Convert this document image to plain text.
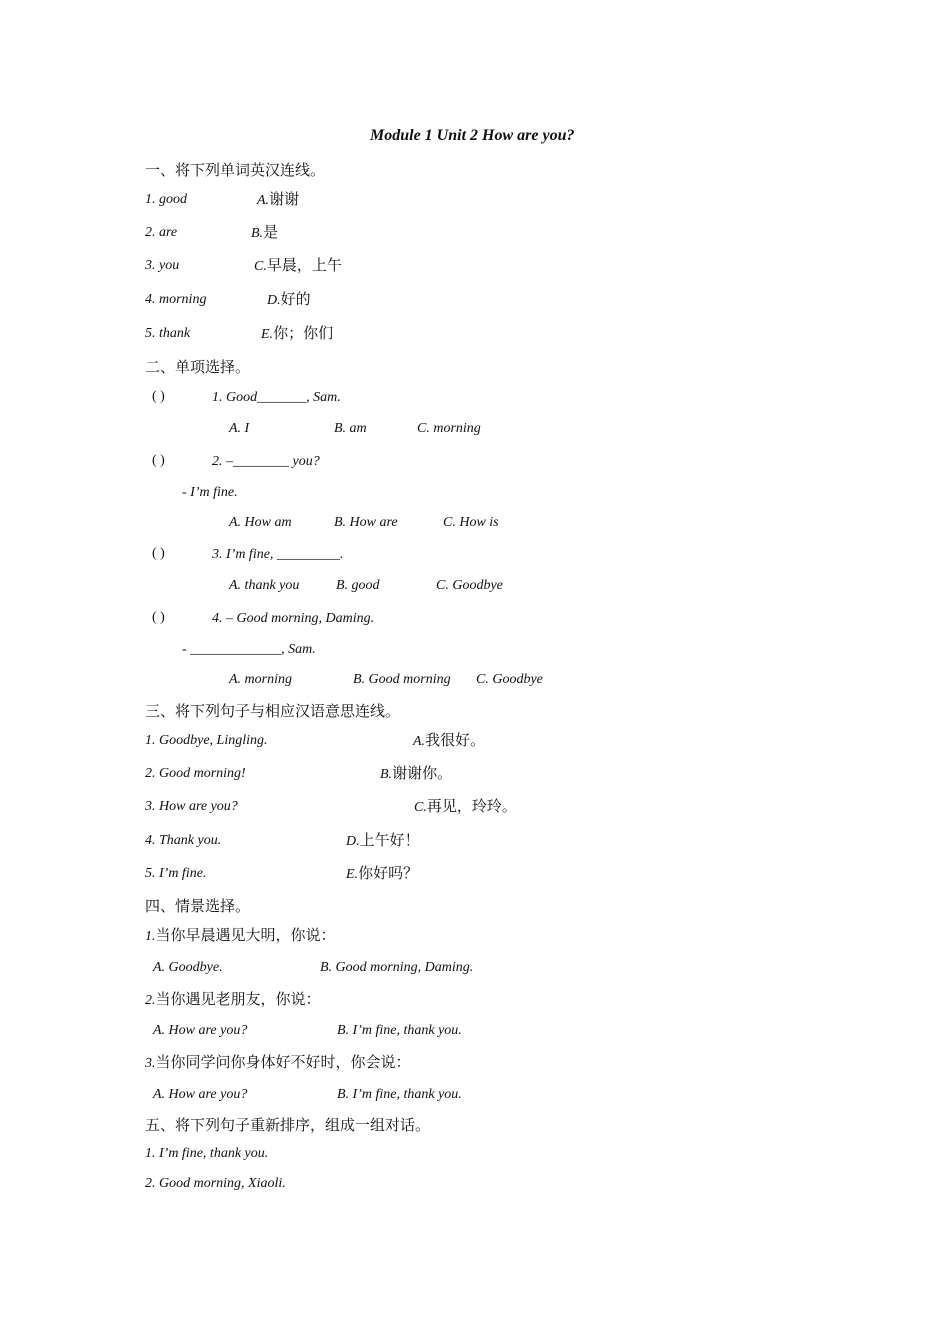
Module 1 Unit 2 How are you?
一、将下列单词英汉连线。
1. good	A.谢谢
2. are	B.是
3. you	C.早晨，上午
4. morning	D.好的
5. thank	E.你；你们
二、单项选择。
( )	1. Good_______, Sam.
A. I	B. am	C. morning
( )	2. –________ you?
- I’m fine.
A. How am	B. How are	C. How is
( )	3. I’m fine, _________.
A. thank you	B. good	C. Goodbye
( )	4. – Good morning, Daming.
- _____________, Sam.
A. morning	B. Good morning C. Goodbye
三、将下列句子与相应汉语意思连线。
1. Goodbye, Lingling.	A.我很好。
2. Good morning!	B.谢谢你。
3. How are you?	C.再见，玲玲。
4. Thank you.	D.上午好！
5. I’m fine.	E.你好吗？
四、情景选择。
1.当你早晨遇见大明，你说：
A. Goodbye.	B. Good morning, Daming.
2.当你遇见老朋友，你说：
A. How are you?	B. I’m fine, thank you.
3.当你同学问你身体好不好时，你会说：
A. How are you?	B. I’m fine, thank you.
五、将下列句子重新排序，组成一组对话。
1. I’m fine, thank you.
2. Good morning, Xiaoli.
